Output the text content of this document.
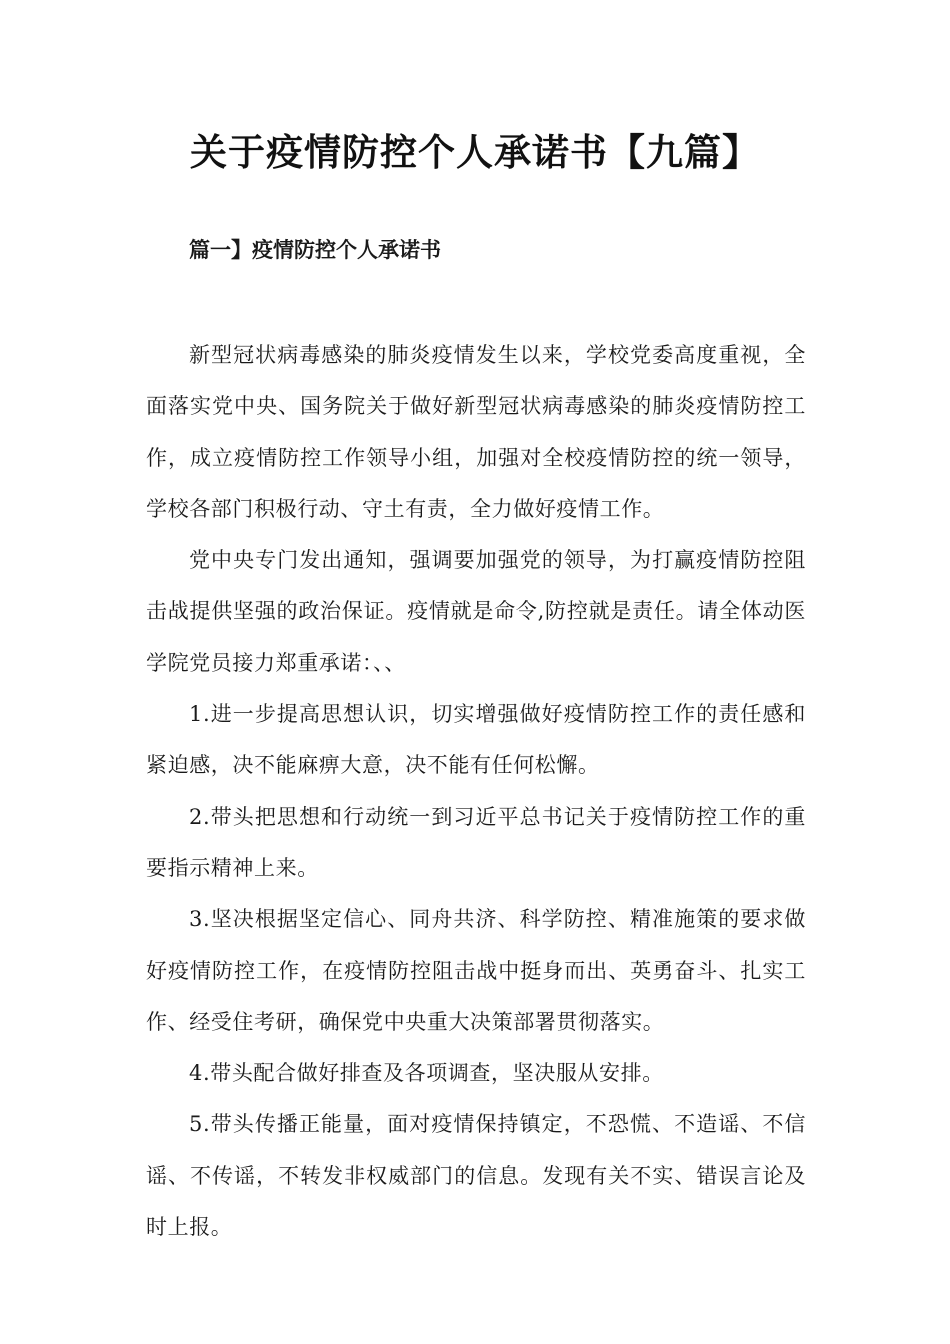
关于疫情防控个人承诺书【九篇】
篇一】疫情防控个人承诺书

新型冠状病毒感染的肺炎疫情发生以来，学校党委高度重视，全面落实党中央、国务院关于做好新型冠状病毒感染的肺炎疫情防控工作，成立疫情防控工作领导小组，加强对全校疫情防控的统一领导，学校各部门积极行动、守土有责，全力做好疫情工作。

党中央专门发出通知，强调要加强党的领导，为打赢疫情防控阻击战提供坚强的政治保证。疫情就是命令,防控就是责任。请全体动医学院党员接力郑重承诺：、、

1.进一步提高思想认识，切实增强做好疫情防控工作的责任感和紧迫感，决不能麻痹大意，决不能有任何松懈。

2.带头把思想和行动统一到习近平总书记关于疫情防控工作的重要指示精神上来。

3.坚决根据坚定信心、同舟共济、科学防控、精准施策的要求做好疫情防控工作，在疫情防控阻击战中挺身而出、英勇奋斗、扎实工作、经受住考研，确保党中央重大决策部署贯彻落实。

4.带头配合做好排查及各项调查，坚决服从安排。

5.带头传播正能量，面对疫情保持镇定，不恐慌、不造谣、不信谣、不传谣，不转发非权威部门的信息。发现有关不实、错误言论及时上报。
